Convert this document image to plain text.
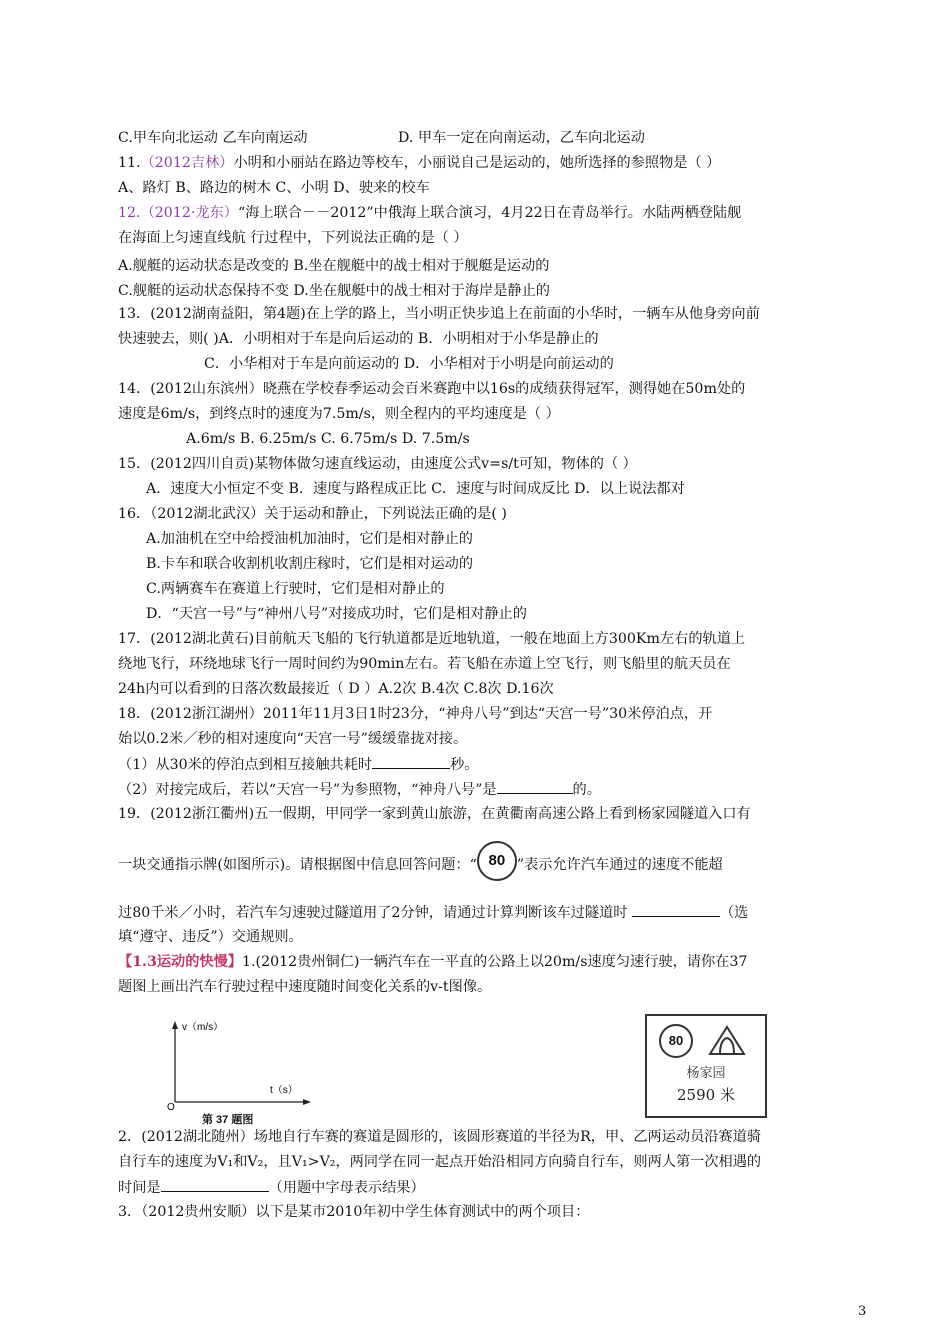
C.甲车向北运动 乙车向南运动	D. 甲车一定在向南运动，乙车向北运动
11.（2012吉林）小明和小丽站在路边等校车，小丽说自己是运动的，她所选择的参照物是（ ）
A、路灯 B、路边的树木 C、小明 D、驶来的校车
12.（2012·龙东）“海上联合－－2012”中俄海上联合演习，4月22日在青岛举行。水陆两栖登陆舰
在海面上匀速直线航 行过程中，下列说法正确的是（ ）
A.舰艇的运动状态是改变的 B.坐在舰艇中的战士相对于舰艇是运动的
C.舰艇的运动状态保持不变 D.坐在舰艇中的战士相对于海岸是静止的
13．(2012湖南益阳，第4题)在上学的路上，当小明正快步追上在前面的小华时，一辆车从他身旁向前
快速驶去，则( )A．小明相对于车是向后运动的 B．小明相对于小华是静止的
C．小华相对于车是向前运动的 D．小华相对于小明是向前运动的
14．(2012山东滨州）晓燕在学校春季运动会百米赛跑中以16s的成绩获得冠军，测得她在50m处的
速度是6m/s，到终点时的速度为7.5m/s，则全程内的平均速度是（ ）
A.6m/s B. 6.25m/s C. 6.75m/s D. 7.5m/s
15．(2012四川自贡)某物体做匀速直线运动，由速度公式v=s/t可知，物体的（ ）
A．速度大小恒定不变 B．速度与路程成正比 C．速度与时间成反比 D．以上说法都对
16．（2012湖北武汉）关于运动和静止，下列说法正确的是( )
A.加油机在空中给授油机加油时，它们是相对静止的
B.卡车和联合收割机收割庄稼时，它们是相对运动的
C.两辆赛车在赛道上行驶时，它们是相对静止的
D．“天宫一号”与“神州八号”对接成功时，它们是相对静止的
17．(2012湖北黄石)目前航天飞船的飞行轨道都是近地轨道，一般在地面上方300Km左右的轨道上
绕地飞行，环绕地球飞行一周时间约为90min左右。若飞船在赤道上空飞行，则飞船里的航天员在
24h内可以看到的日落次数最接近（ D ）A.2次 B.4次 C.8次 D.16次
18．(2012浙江湖州）2011年11月3日1时23分，“神舟八号”到达“天宫一号”30米停泊点，开
始以0.2米／秒的相对速度向“天宫一号”缓缓靠拢对接。
（1）从30米的停泊点到相互接触共耗时	秒。
（2）对接完成后，若以“天宫一号”为参照物，“神舟八号”是	的。
19．(2012浙江衢州)五一假期，甲同学一家到黄山旅游，在黄衢南高速公路上看到杨家园隧道入口有
一块交通指示牌(如图所示)。请根据图中信息回答问题：“ 80 ”表示允许汽车通过的速度不能超
过80千米／小时，若汽车匀速驶过隧道用了2分钟，请通过计算判断该车过隧道时	（选
填“遵守、违反”）交通规则。
【1.3运动的快慢】1.(2012贵州铜仁)一辆汽车在一平直的公路上以20m/s速度匀速行驶，请你在37
题图上画出汽车行驶过程中速度随时间变化关系的v-t图像。
v（m/s）
t（s）
O
第 37 题图
80
杨家园
2590 米
2．(2012湖北随州）场地自行车赛的赛道是圆形的，该圆形赛道的半径为R，甲、乙两运动员沿赛道骑
自行车的速度为V₁和V₂，且V₁>V₂，两同学在同一起点开始沿相同方向骑自行车，则两人第一次相遇的
时间是	（用题中字母表示结果）
3．（2012贵州安顺）以下是某市2010年初中学生体育测试中的两个项目：
3
